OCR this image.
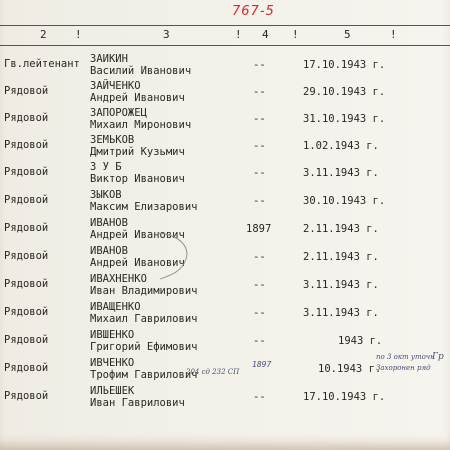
767-5
2	!	3	! 4 !	5	!
Гв.лейтенант ЗАИКИН
Василий Иванович	--	17.10.1943 г.
Рядовой	ЗАЙЧЕНКО
Андрей Иванович	--	29.10.1943 г.
Рядовой	ЗАПОРОЖЕЦ
Михаил Миронович	--	31.10.1943 г.
Рядовой	ЗЕМЬКОВ
Дмитрий Кузьмич	--	1.02.1943 г.
Рядовой	З У Б
Виктор Иванович	--	3.11.1943 г.
Рядовой	ЗЫКОВ
Максим Елизарович	--	30.10.1943 г.
Рядовой	ИВАНОВ
Андрей Иванович	1897	2.11.1943 г.
Рядовой	ИВАНОВ
Андрей Иванович	--	2.11.1943 г.
Рядовой	ИВАХНЕНКО
Иван Владимирович	--	3.11.1943 г.
Рядовой	ИВАЩЕНКО
Михаил Гаврилович	--	3.11.1943 г.
Рядовой	ИВШЕНКО
Григорий Ефимович	--	1943 г.
Рядовой	ИВЧЕНКО
Трофим Гаврилович
1897	10.1943 г.
Рядовой	ИЛЬЕШЕК
Иван Гаврилович	--	17.10.1943 г.
204 сд 232 СП
по 3 окт уточн
Гр
Захоронен ряд
